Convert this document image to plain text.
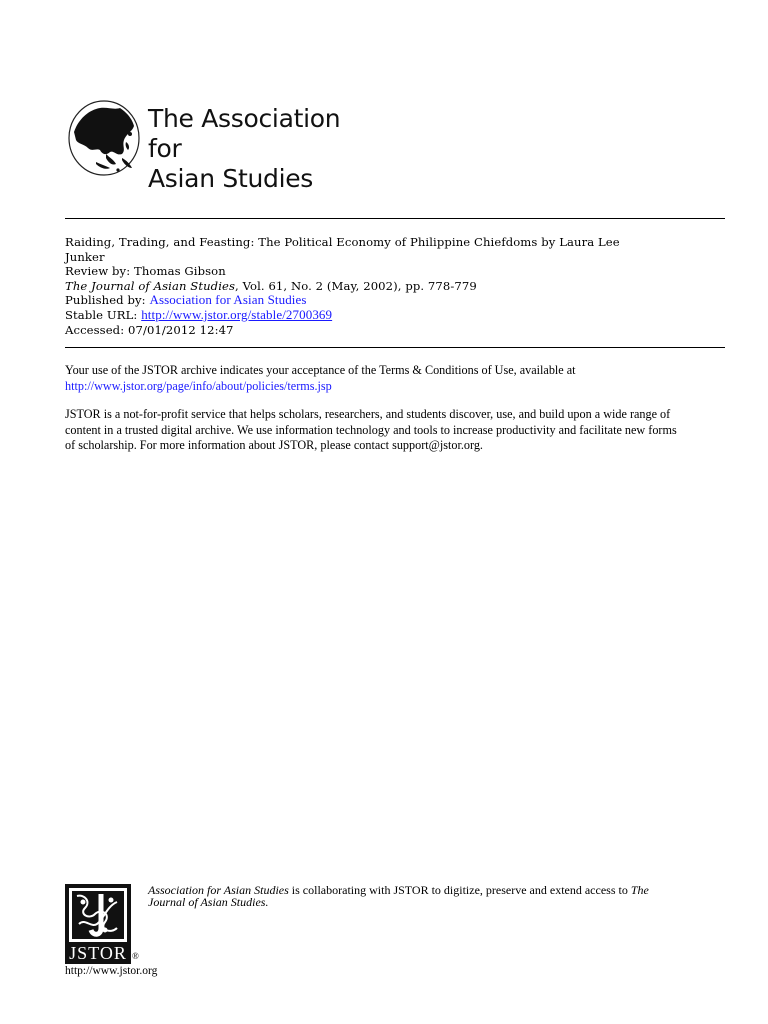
The Association for
Asian Studies
Raiding, Trading, and Feasting: The Political Economy of Philippine Chiefdoms by Laura Lee
Junker
Review by: Thomas Gibson
The Journal of Asian Studies, Vol. 61, No. 2 (May, 2002), pp. 778-779
Published by: Association for Asian Studies
Stable URL: http://www.jstor.org/stable/2700369
Accessed: 07/01/2012 12:47
Your use of the JSTOR archive indicates your acceptance of the Terms & Conditions of Use, available at
http://www.jstor.org/page/info/about/policies/terms.jsp
JSTOR is a not-for-profit service that helps scholars, researchers, and students discover, use, and build upon a wide range of
content in a trusted digital archive. We use information technology and tools to increase productivity and facilitate new forms
of scholarship. For more information about JSTOR, please contact support@jstor.org.
JSTOR ®
http://www.jstor.org
Association for Asian Studies is collaborating with JSTOR to digitize, preserve and extend access to The
Journal of Asian Studies.
